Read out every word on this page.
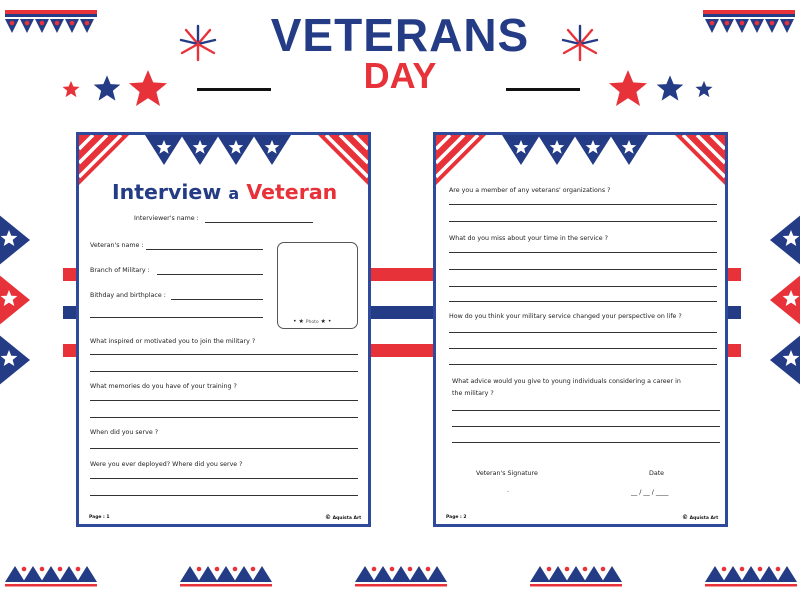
VETERANS
DAY
Interview a Veteran
Interviewer's name :
Veteran's name :
Branch of Military :
Bithday and birthplace :
• ★ Photo ★ •
What inspired or motivated you to join the military ?
What memories do you have of your training ?
When did you serve ?
Were you ever deployed? Where did you serve ?
Page : 1	© Aquista Art
Are you a member of any veterans' organizations ?
What do you miss about your time in the service ?
How do you think your military service changed your perspective on life ?
What advice would you give to young individuals considering a career in
the military ?
Veteran's Signature	Date
.	__ / __ / ____
Page : 2	© Aquista Art
